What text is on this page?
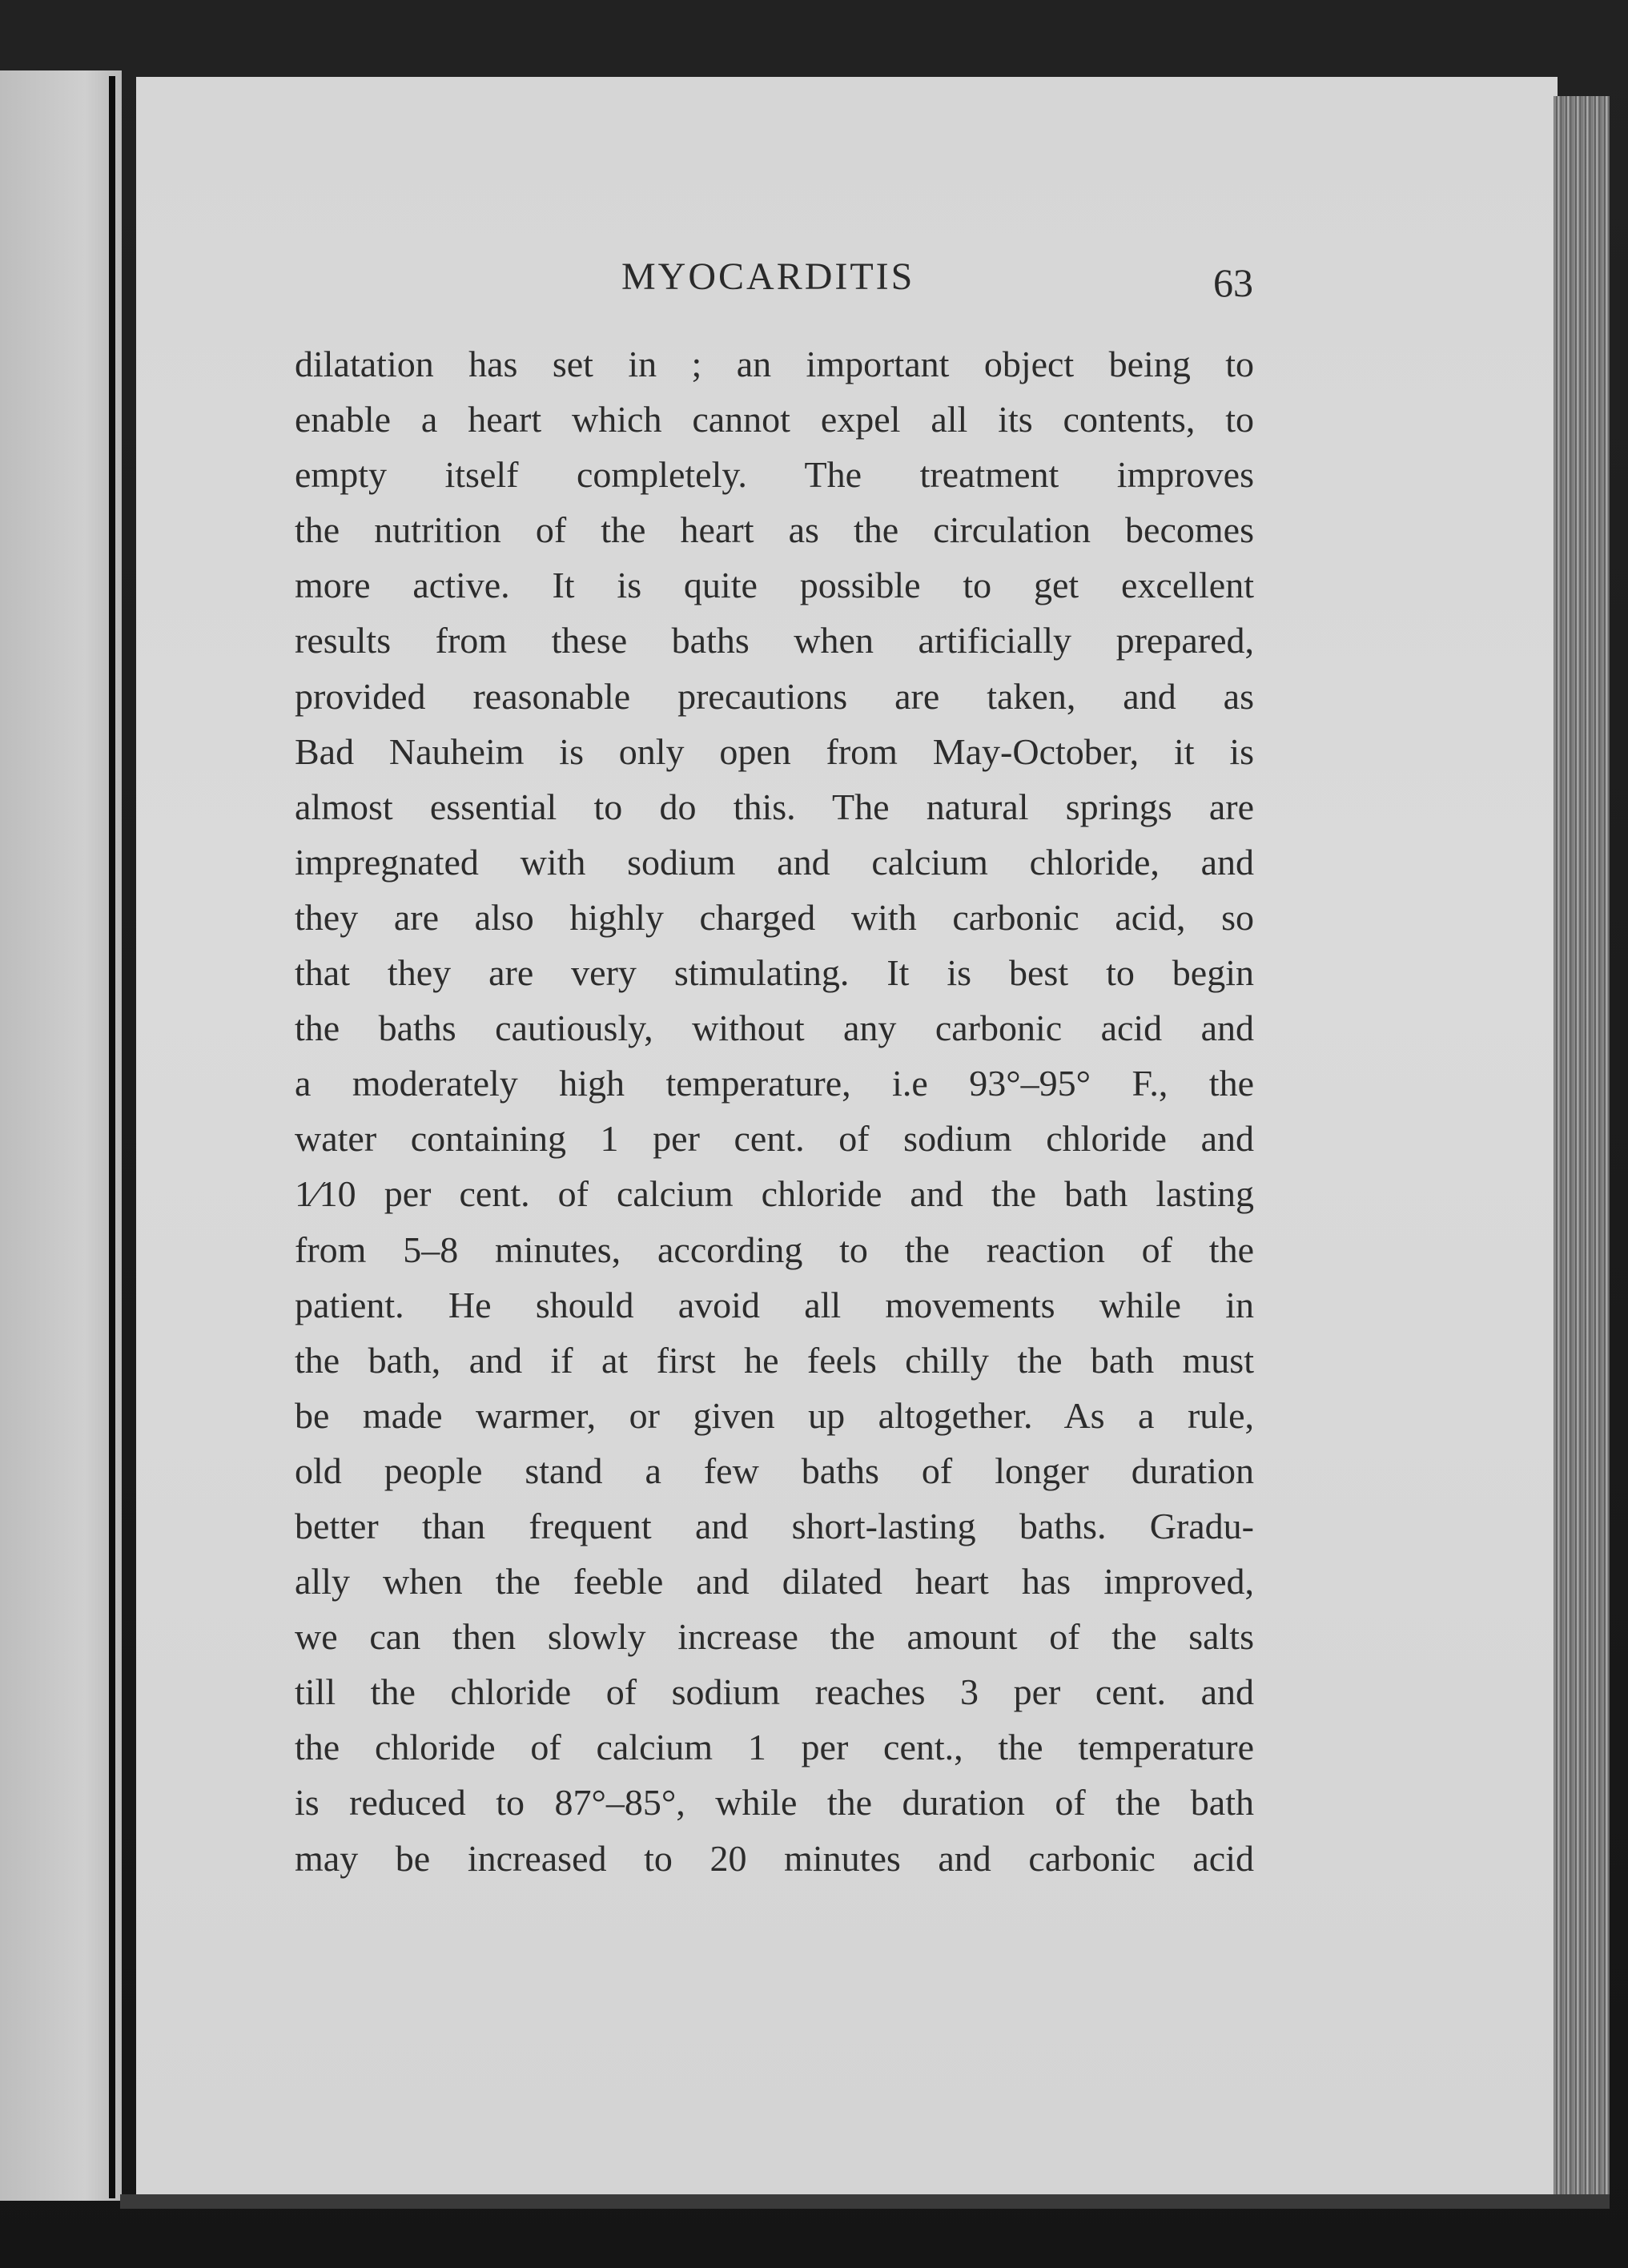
MYOCARDITIS	63
dilatation has set in ; an important object being to
enable a heart which cannot expel all its contents, to
empty itself completely. The treatment improves
the nutrition of the heart as the circulation becomes
more active. It is quite possible to get excellent
results from these baths when artificially prepared,
provided reasonable precautions are taken, and as
Bad Nauheim is only open from May-October, it is
almost essential to do this. The natural springs are
impregnated with sodium and calcium chloride, and
they are also highly charged with carbonic acid, so
that they are very stimulating. It is best to begin
the baths cautiously, without any carbonic acid and
a moderately high temperature, i.e 93°–95° F., the
water containing 1 per cent. of sodium chloride and
1⁄10 per cent. of calcium chloride and the bath lasting
from 5–8 minutes, according to the reaction of the
patient. He should avoid all movements while in
the bath, and if at first he feels chilly the bath must
be made warmer, or given up altogether. As a rule,
old people stand a few baths of longer duration
better than frequent and short-lasting baths. Gradu-
ally when the feeble and dilated heart has improved,
we can then slowly increase the amount of the salts
till the chloride of sodium reaches 3 per cent. and
the chloride of calcium 1 per cent., the temperature
is reduced to 87°–85°, while the duration of the bath
may be increased to 20 minutes and carbonic acid
